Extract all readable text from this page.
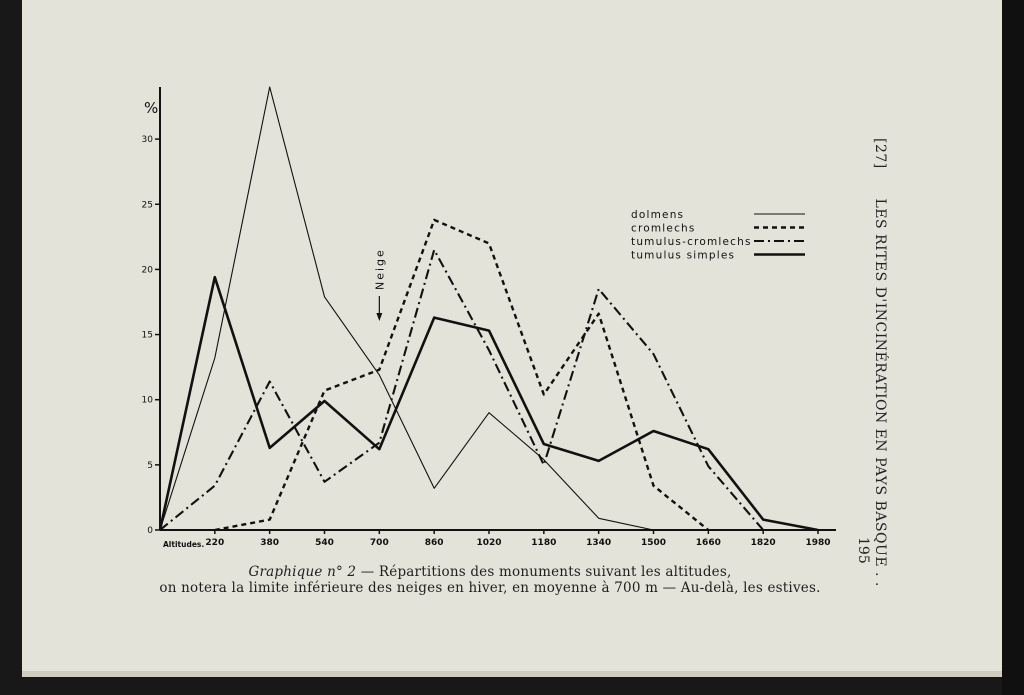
0
5
10
15
20
25
30
%
Altitudes. 220	380	540	700	860	1020	1180	1340	1500	1660	1820	1980
dolmens
cromlechs
tumulus-cromlechs
tumulus simples
Neige
Graphique n° 2 — Répartitions des monuments suivant les altitudes,
on notera la limite inférieure des neiges en hiver, en moyenne à 700 m — Au-delà, les estives.
[27]      LES RITES D'INCINÉRATION EN PAYS BASQUE . .
195
